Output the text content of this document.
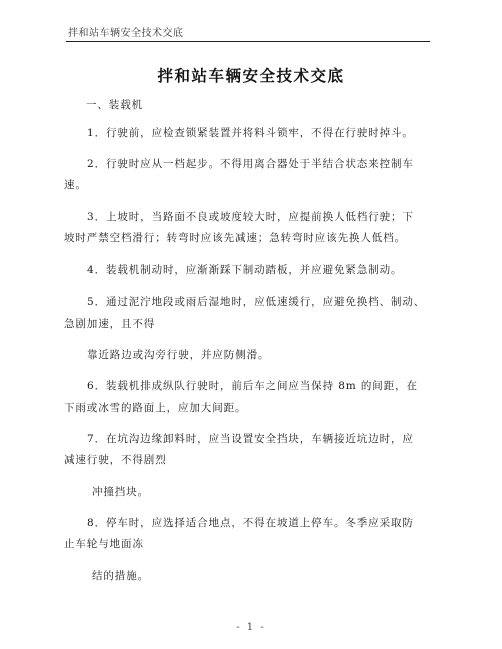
拌和站车辆安全技术交底
拌和站车辆安全技术交底
一、装载机
1．行驶前，应检查锁紧装置并将料斗锁牢，不得在行驶时掉斗。
2．行驶时应从一档起步。不得用离合器处于半结合状态来控制车
速。
3．上坡时，当路面不良或坡度较大时，应提前换人低档行驶；下
坡时严禁空档滑行；转弯时应该先减速；急转弯时应该先换人低档。
4．装载机制动时，应渐渐踩下制动踏板，并应避免紧急制动。
5．通过泥泞地段或雨后湿地时，应低速缓行，应避免换档、制动、
急剧加速，且不得
靠近路边或沟旁行驶，并应防侧滑。
6．装载机排成纵队行驶时，前后车之间应当保持 8m 的间距，在
下雨或冰雪的路面上，应加大间距。
7．在坑沟边缘卸料时，应当设置安全挡块，车辆接近坑边时，应
减速行驶，不得剧烈
冲撞挡块。
8．停车时，应选择适合地点，不得在坡道上停车。冬季应采取防
止车轮与地面冻
结的措施。
- 1 -
